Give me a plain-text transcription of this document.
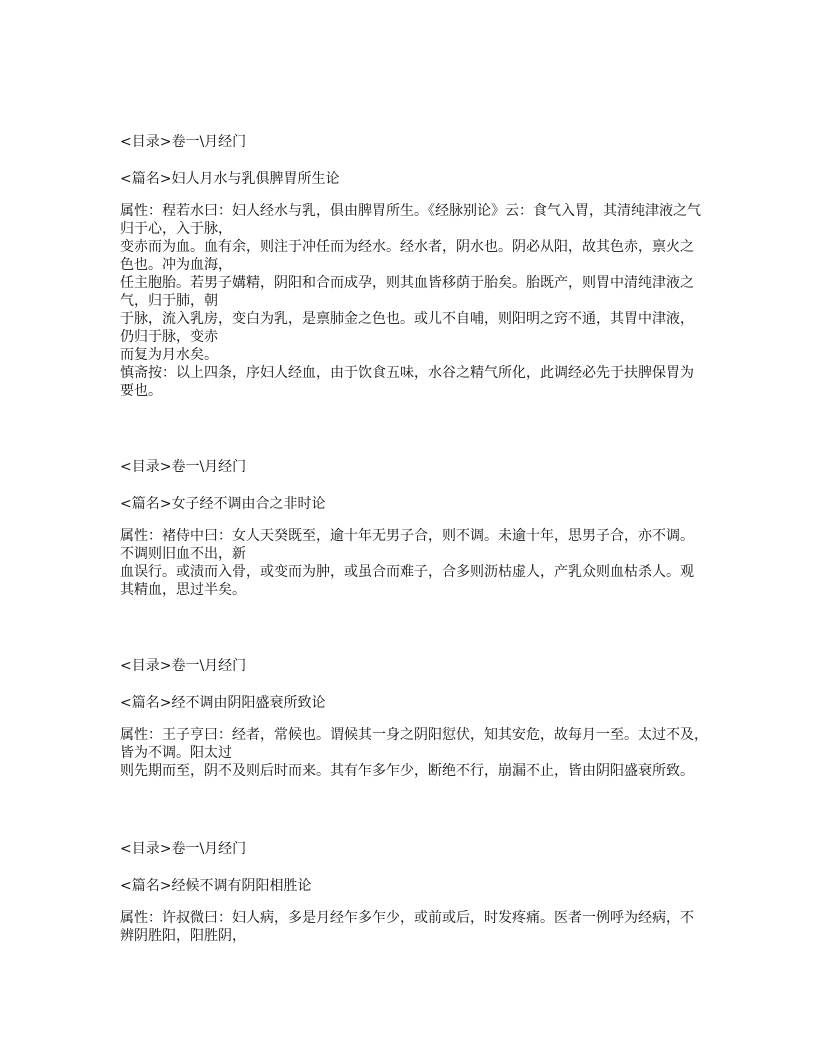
<目录>卷一\月经门
<篇名>妇人月水与乳俱脾胃所生论
属性：程若水曰：妇人经水与乳，俱由脾胃所生。《经脉别论》云：食气入胃，其清纯津液之气
归于心，入于脉，
变赤而为血。血有余，则注于冲任而为经水。经水者，阴水也。阴必从阳，故其色赤，禀火之
色也。冲为血海，
任主胞胎。若男子媾精，阴阳和合而成孕，则其血皆移荫于胎矣。胎既产，则胃中清纯津液之
气，归于肺，朝
于脉，流入乳房，变白为乳，是禀肺金之色也。或儿不自哺，则阳明之窍不通，其胃中津液，
仍归于脉，变赤
而复为月水矣。
慎斋按：以上四条，序妇人经血，由于饮食五味，水谷之精气所化，此调经必先于扶脾保胃为
要也。
<目录>卷一\月经门
<篇名>女子经不调由合之非时论
属性：褚侍中曰：女人天癸既至，逾十年无男子合，则不调。未逾十年，思男子合，亦不调。
不调则旧血不出，新
血误行。或渍而入骨，或变而为肿，或虽合而难子，合多则沥枯虚人，产乳众则血枯杀人。观
其精血，思过半矣。
<目录>卷一\月经门
<篇名>经不调由阴阳盛衰所致论
属性：王子亨曰：经者，常候也。谓候其一身之阴阳愆伏，知其安危，故每月一至。太过不及，
皆为不调。阳太过
则先期而至，阴不及则后时而来。其有乍多乍少，断绝不行，崩漏不止，皆由阴阳盛衰所致。
<目录>卷一\月经门
<篇名>经候不调有阴阳相胜论
属性：许叔微曰：妇人病，多是月经乍多乍少，或前或后，时发疼痛。医者一例呼为经病，不
辨阴胜阳，阳胜阴，
